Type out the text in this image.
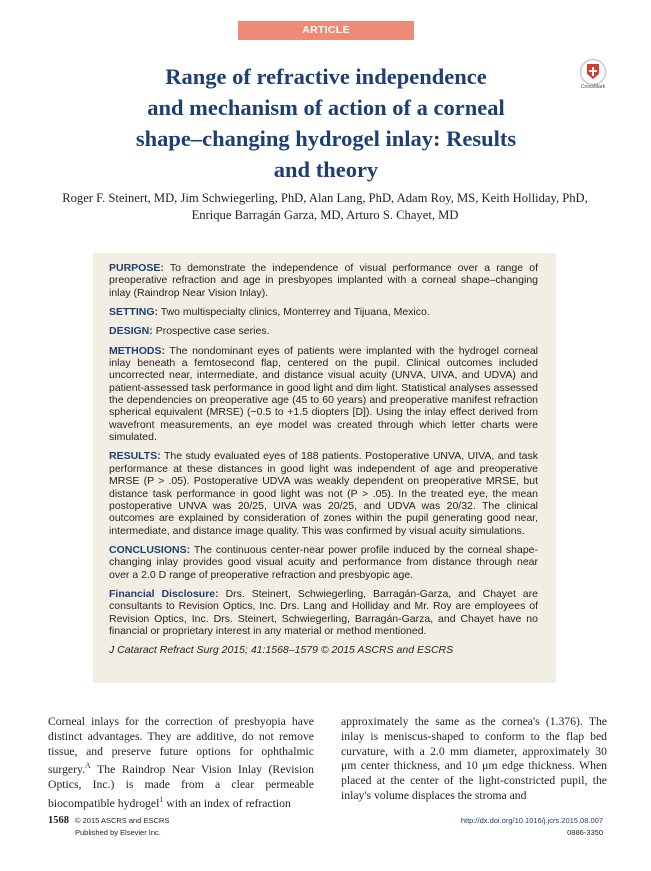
ARTICLE
CrossMark
Range of refractive independence
and mechanism of action of a corneal
shape–changing hydrogel inlay: Results
and theory

Roger F. Steinert, MD, Jim Schwiegerling, PhD, Alan Lang, PhD, Adam Roy, MS, Keith Holliday, PhD,
Enrique Barragán Garza, MD, Arturo S. Chayet, MD

PURPOSE: To demonstrate the independence of visual performance over a range of preoperative refraction and age in presbyopes implanted with a corneal shape–changing inlay (Raindrop Near Vision Inlay).

SETTING: Two multispecialty clinics, Monterrey and Tijuana, Mexico.

DESIGN: Prospective case series.

METHODS: The nondominant eyes of patients were implanted with the hydrogel corneal inlay beneath a femtosecond flap, centered on the pupil. Clinical outcomes included uncorrected near, intermediate, and distance visual acuity (UNVA, UIVA, and UDVA) and patient-assessed task performance in good light and dim light. Statistical analyses assessed the dependencies on preoperative age (45 to 60 years) and preoperative manifest refraction spherical equivalent (MRSE) (−0.5 to +1.5 diopters [D]). Using the inlay effect derived from wavefront measurements, an eye model was created through which letter charts were simulated.

RESULTS: The study evaluated eyes of 188 patients. Postoperative UNVA, UIVA, and task performance at these distances in good light was independent of age and preoperative MRSE (P > .05). Postoperative UDVA was weakly dependent on preoperative MRSE, but distance task performance in good light was not (P > .05). In the treated eye, the mean postoperative UNVA was 20/25, UIVA was 20/25, and UDVA was 20/32. The clinical outcomes are explained by consideration of zones within the pupil generating good near, intermediate, and distance image quality. This was confirmed by visual acuity simulations.

CONCLUSIONS: The continuous center-near power profile induced by the corneal shape-changing inlay provides good visual acuity and performance from distance through near over a 2.0 D range of preoperative refraction and presbyopic age.

Financial Disclosure: Drs. Steinert, Schwiegerling, Barragán-Garza, and Chayet are consultants to Revision Optics, Inc. Drs. Lang and Holliday and Mr. Roy are employees of Revision Optics, Inc. Drs. Steinert, Schwiegerling, Barragán-Garza, and Chayet have no financial or proprietary interest in any material or method mentioned.

J Cataract Refract Surg 2015; 41:1568–1579 © 2015 ASCRS and ESCRS

Corneal inlays for the correction of presbyopia have distinct advantages. They are additive, do not remove tissue, and preserve future options for ophthalmic surgery.$^A$ The Raindrop Near Vision Inlay (Revision Optics, Inc.) is made from a clear permeable biocompatible hydrogel$^1$ with an index of refraction

approximately the same as the cornea's (1.376). The inlay is meniscus-shaped to conform to the flap bed curvature, with a 2.0 mm diameter, approximately 30 μm center thickness, and 10 μm edge thickness. When placed at the center of the light-constricted pupil, the inlay's volume displaces the stroma and

1568 © 2015 ASCRS and ESCRS
Published by Elsevier Inc.
http://dx.doi.org/10.1016/j.jcrs.2015.08.007
0886-3350
